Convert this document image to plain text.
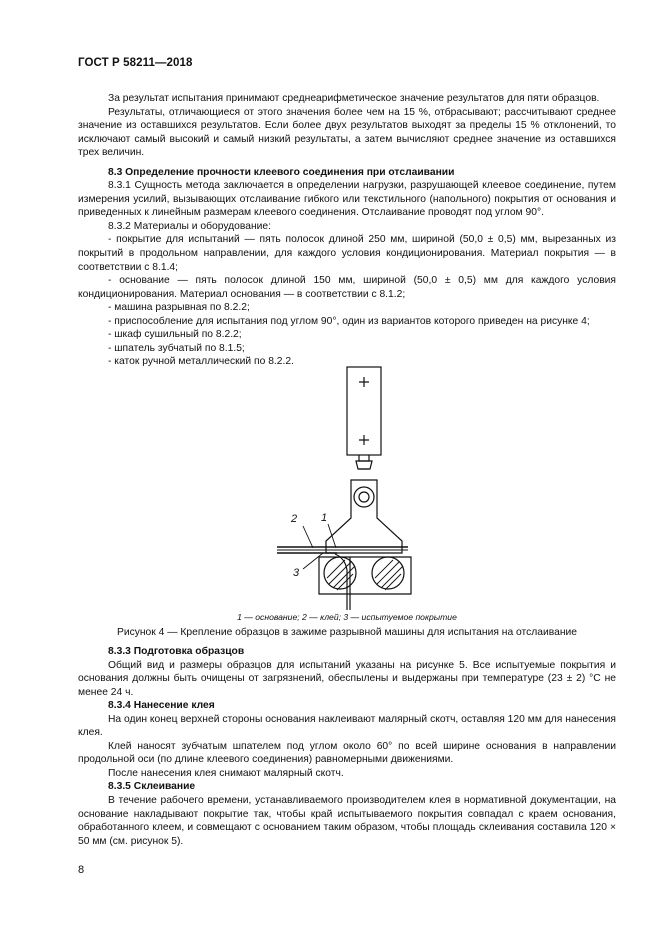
ГОСТ Р 58211—2018

За результат испытания принимают среднеарифметическое значение результатов для пяти образцов.

Результаты, отличающиеся от этого значения более чем на 15 %, отбрасывают; рассчитывают среднее значение из оставшихся результатов. Если более двух результатов выходят за пределы 15 % отклонений, то исключают самый высокий и самый низкий результаты, а затем вычисляют среднее значение из оставшихся трех величин.

8.3 Определение прочности клеевого соединения при отслаивании

8.3.1 Сущность метода заключается в определении нагрузки, разрушающей клеевое соединение, путем измерения усилий, вызывающих отслаивание гибкого или текстильного (напольного) покрытия от основания и приведенных к линейным размерам клеевого соединения. Отслаивание проводят под углом 90°.

8.3.2 Материалы и оборудование:

- покрытие для испытаний — пять полосок длиной 250 мм, шириной (50,0 ± 0,5) мм, вырезанных из покрытий в продольном направлении, для каждого условия кондиционирования. Материал покрытия — в соответствии с 8.1.4;

- основание — пять полосок длиной 150 мм, шириной (50,0 ± 0,5) мм для каждого условия кондиционирования. Материал основания — в соответствии с 8.1.2;

- машина разрывная по 8.2.2;

- приспособление для испытания под углом 90°, один из вариантов которого приведен на рисунке 4;

- шкаф сушильный по 8.2.2;

- шпатель зубчатый по 8.1.5;

- каток ручной металлический по 8.2.2.

2 1
3
1 — основание; 2 — клей; 3 — испытуемое покрытие
Рисунок 4 — Крепление образцов в зажиме разрывной машины для испытания на отслаивание

8.3.3 Подготовка образцов

Общий вид и размеры образцов для испытаний указаны на рисунке 5. Все испытуемые покрытия и основания должны быть очищены от загрязнений, обеспылены и выдержаны при температуре (23 ± 2) °С не менее 24 ч.

8.3.4 Нанесение клея

На один конец верхней стороны основания наклеивают малярный скотч, оставляя 120 мм для нанесения клея.

Клей наносят зубчатым шпателем под углом около 60° по всей ширине основания в направлении продольной оси (по длине клеевого соединения) равномерными движениями.

После нанесения клея снимают малярный скотч.

8.3.5 Склеивание

В течение рабочего времени, устанавливаемого производителем клея в нормативной документации, на основание накладывают покрытие так, чтобы край испытываемого покрытия совпадал с краем основания, обработанного клеем, и совмещают с основанием таким образом, чтобы площадь склеивания составила 120 × 50 мм (см. рисунок 5).

8
